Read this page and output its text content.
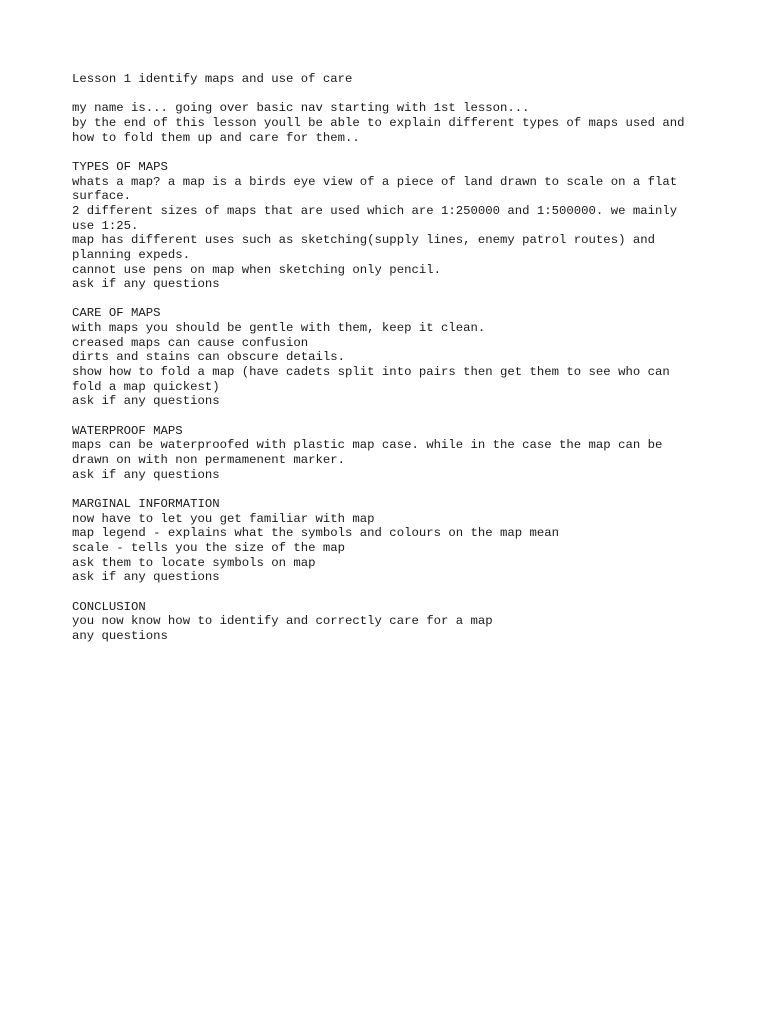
Lesson 1 identify maps and use of care
my name is... going over basic nav starting with 1st lesson...
by the end of this lesson youll be able to explain different types of maps used and
how to fold them up and care for them..
TYPES OF MAPS
whats a map? a map is a birds eye view of a piece of land drawn to scale on a flat
surface.
2 different sizes of maps that are used which are 1:250000 and 1:500000. we mainly
use 1:25.
map has different uses such as sketching(supply lines, enemy patrol routes) and
planning expeds.
cannot use pens on map when sketching only pencil.
ask if any questions
CARE OF MAPS
with maps you should be gentle with them, keep it clean.
creased maps can cause confusion
dirts and stains can obscure details.
show how to fold a map (have cadets split into pairs then get them to see who can
fold a map quickest)
ask if any questions
WATERPROOF MAPS
maps can be waterproofed with plastic map case. while in the case the map can be
drawn on with non permamenent marker.
ask if any questions
MARGINAL INFORMATION
now have to let you get familiar with map
map legend - explains what the symbols and colours on the map mean
scale - tells you the size of the map
ask them to locate symbols on map
ask if any questions
CONCLUSION
you now know how to identify and correctly care for a map
any questions
